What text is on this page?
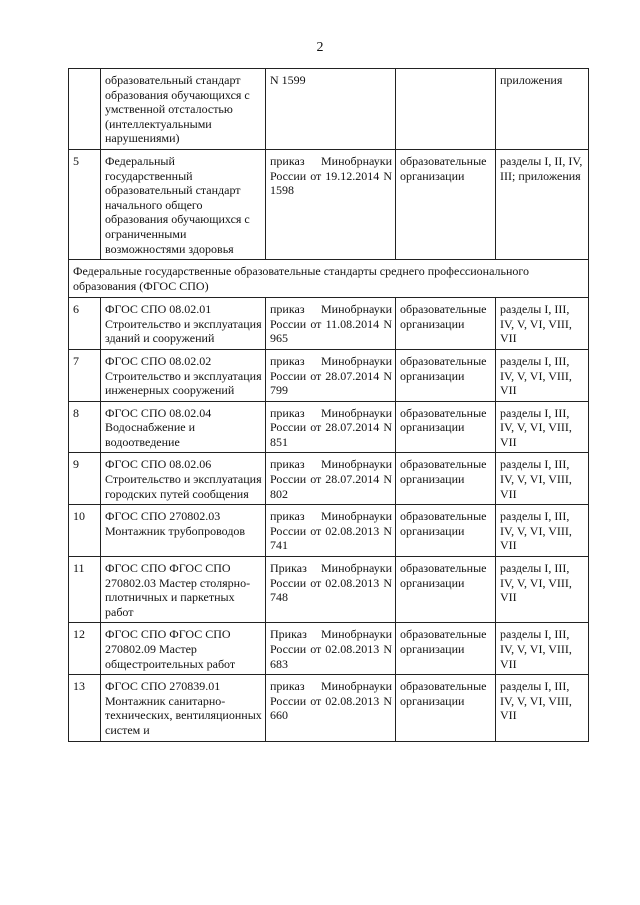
2
	образовательный стандарт образования обучающихся с умственной отсталостью (интеллектуальными нарушениями)	N 1599		приложения
5	Федеральный государственный образовательный стандарт начального общего образования обучающихся с ограниченными возможностями здоровья	приказ Минобрнауки России от 19.12.2014 N 1598	образовательные организации	разделы I, II, IV, III; приложения
Федеральные государственные образовательные стандарты среднего профессионального образования (ФГОС СПО)				
6	ФГОС СПО 08.02.01 Строительство и эксплуатация зданий и сооружений	приказ Минобрнауки России от 11.08.2014 N 965	образовательные организации	разделы I, III, IV, V, VI, VIII, VII
7	ФГОС СПО 08.02.02 Строительство и эксплуатация инженерных сооружений	приказ Минобрнауки России от 28.07.2014 N 799	образовательные организации	разделы I, III, IV, V, VI, VIII, VII
8	ФГОС СПО 08.02.04 Водоснабжение и водоотведение	приказ Минобрнауки России от 28.07.2014 N 851	образовательные организации	разделы I, III, IV, V, VI, VIII, VII
9	ФГОС СПО 08.02.06 Строительство и эксплуатация городских путей сообщения	приказ Минобрнауки России от 28.07.2014 N 802	образовательные организации	разделы I, III, IV, V, VI, VIII, VII
10	ФГОС СПО 270802.03 Монтажник трубопроводов	приказ Минобрнауки России от 02.08.2013 N 741	образовательные организации	разделы I, III, IV, V, VI, VIII, VII
11	ФГОС СПО ФГОС СПО 270802.03 Мастер столярно-плотничных и паркетных работ	Приказ Минобрнауки России от 02.08.2013 N 748	образовательные организации	разделы I, III, IV, V, VI, VIII, VII
12	ФГОС СПО ФГОС СПО 270802.09 Мастер общестроительных работ	Приказ Минобрнауки России от 02.08.2013 N 683	образовательные организации	разделы I, III, IV, V, VI, VIII, VII
13	ФГОС СПО 270839.01 Монтажник санитарно-технических, вентиляционных систем и	приказ Минобрнауки России от 02.08.2013 N 660	образовательные организации	разделы I, III, IV, V, VI, VIII, VII
